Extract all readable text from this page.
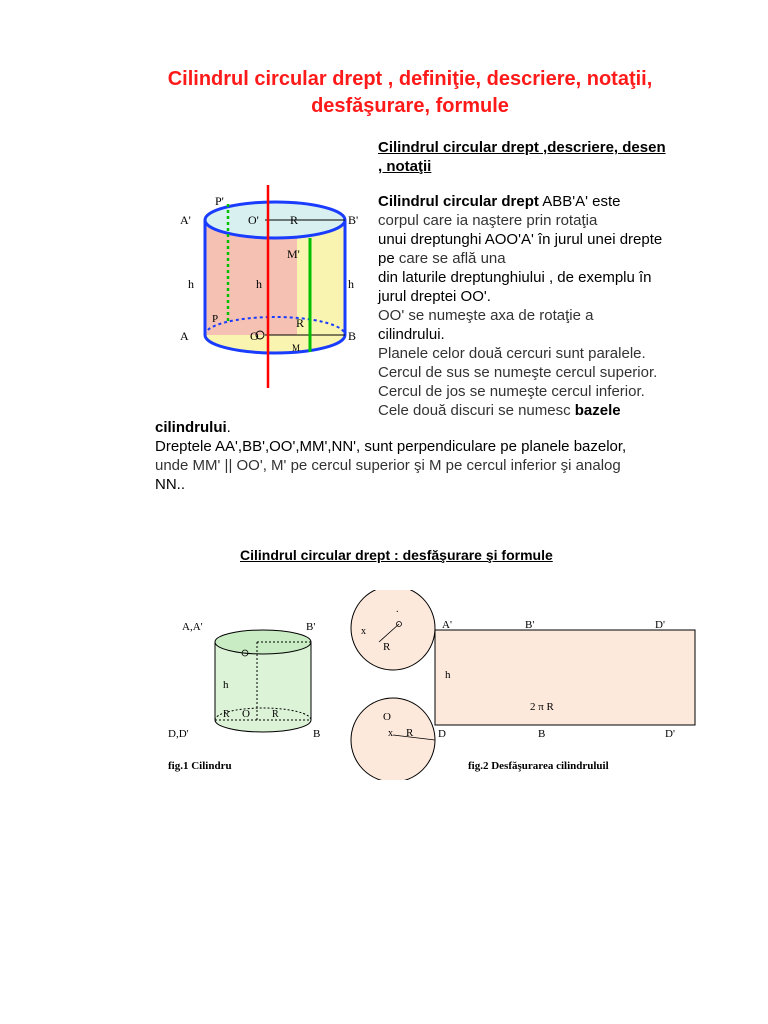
Cilindrul circular drept , definiţie, descriere, notaţii,
desfăşurare, formule
P'
A'	O'	R	B'
M'
h	h	h
P	R
A	O	B
M
Cilindrul circular drept ,descriere, desen
, notaţii
Cilindrul circular drept ABB'A' este
corpul care ia naştere prin rotaţia
unui dreptunghi AOO'A' în jurul unei drepte
pe care se află una
din laturile dreptunghiului , de exemplu în
jurul dreptei OO'.
OO' se numeşte axa de rotaţie a
cilindrului.
Planele celor două cercuri sunt paralele.
Cercul de sus se numeşte cercul superior.
Cercul de jos se numeşte cercul inferior.
Cele două discuri se numesc bazele
cilindrului.
Dreptele AA',BB',OO',MM',NN', sunt perpendiculare pe planele bazelor,
unde MM' || OO', M' pe cercul superior şi M pe cercul inferior şi analog
NN..
Cilindrul circular drept : desfăşurare şi formule
A,A'	B'
h
R O R
D,D'	B
.
x
R
O
x R
A'	B'	D'
h
2 π R
D	B	D'
fig.1 Cilindru	fig.2 Desfăşurarea cilindruluil
